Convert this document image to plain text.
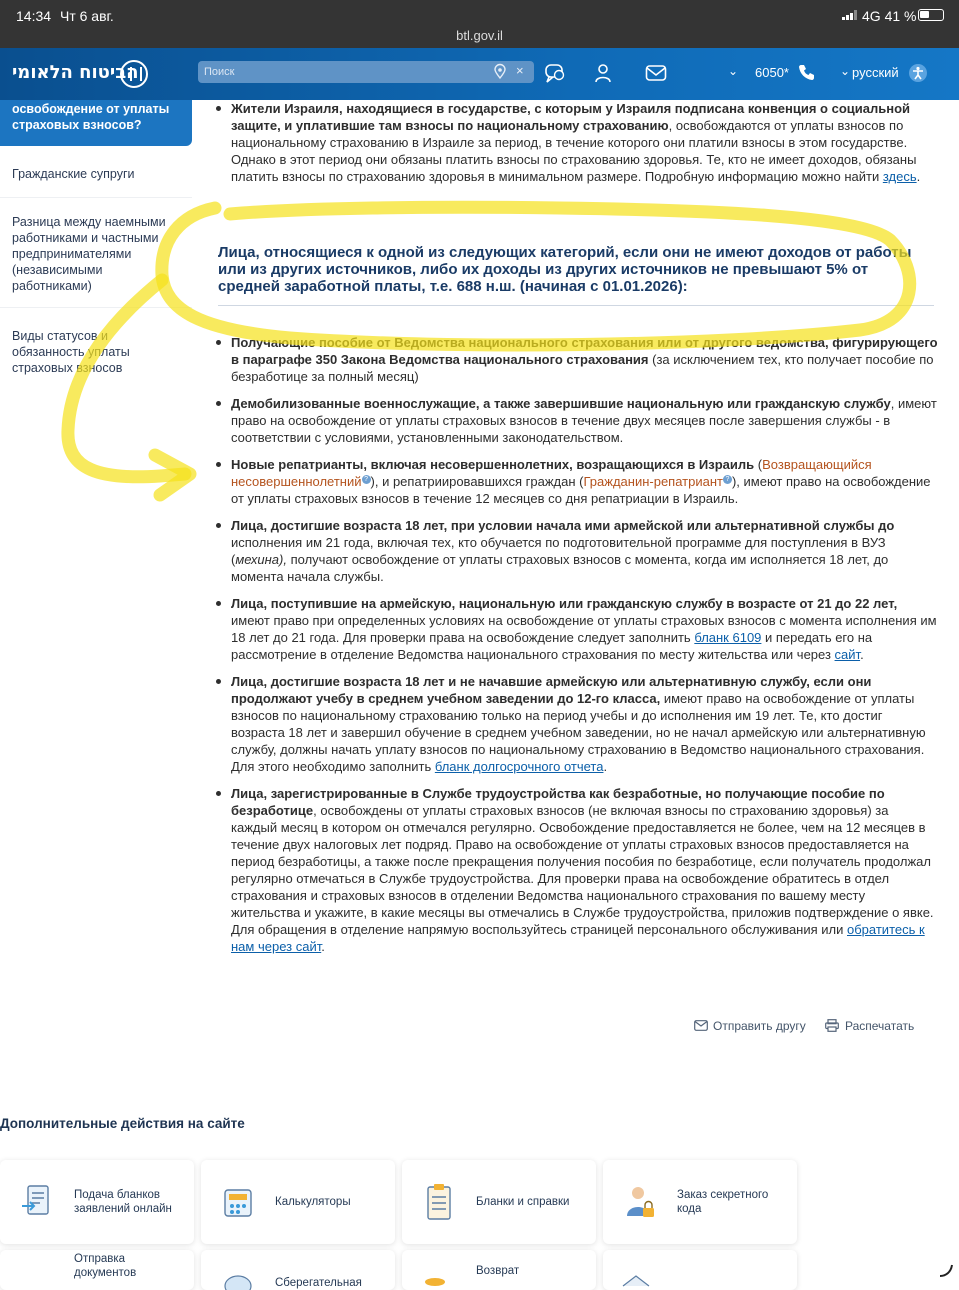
14:34 Чт 6 авг.	4G 41 %
btl.gov.il
הביטוח הלאומי
Поиск	×	⌄ 6050*	⌄ русский
освобождение от уплаты страховых взносов?
Гражданские супруги
Разница между наемными работниками и частными предпринимателями (независимыми работниками)
Виды статусов и обязанность уплаты страховых взносов
Жители Израиля, находящиеся в государстве, с которым у Израиля подписана конвенция о социальной защите, и уплатившие там взносы по национальному страхованию, освобождаются от уплаты взносов по национальному страхованию в Израиле за период, в течение которого они платили взносы в этом государстве. Однако в этот период они обязаны платить взносы по страхованию здоровья. Те, кто не имеет доходов, обязаны платить взносы по страхованию здоровья в минимальном размере. Подробную информацию можно найти здесь.
Лица, относящиеся к одной из следующих категорий, если они не имеют доходов от работы или из других источников, либо их доходы из других источников не превышают 5% от средней заработной платы, т.е. 688 н.ш. (начиная с 01.01.2026):
Получающие пособие от Ведомства национального страхования или от другого ведомства, фигурирующего в параграфе 350 Закона Ведомства национального страхования (за исключением тех, кто получает пособие по безработице за полный месяц)
Демобилизованные военнослужащие, а также завершившие национальную или гражданскую службу, имеют право на освобождение от уплаты страховых взносов в течение двух месяцев после завершения службы - в соответствии с условиями, установленными законодательством.
Новые репатрианты, включая несовершеннолетних, возращающихся в Израиль (Возвращающийся несовершеннолетний ? ), и репатриировавшихся граждан (Гражданин-репатриант ? ), имеют право на освобождение от уплаты страховых взносов в течение 12 месяцев со дня репатриации в Израиль.
Лица, достигшие возраста 18 лет, при условии начала ими армейской или альтернативной службы до исполнения им 21 года, включая тех, кто обучается по подготовительной программе для поступления в ВУЗ (мехина), получают освобождение от уплаты страховых взносов с момента, когда им исполняется 18 лет, до момента начала службы.
Лица, поступившие на армейскую, национальную или гражданскую службу в возрасте от 21 до 22 лет, имеют право при определенных условиях на освобождение от уплаты страховых взносов с момента исполнения им 18 лет до 21 года. Для проверки права на освобождение следует заполнить бланк 6109 и передать его на рассмотрение в отделение Ведомства национального страхования по месту жительства или через сайт.
Лица, достигшие возраста 18 лет и не начавшие армейскую или альтернативную службу, если они продолжают учебу в среднем учебном заведении до 12-го класса, имеют право на освобождение от уплаты взносов по национальному страхованию только на период учебы и до исполнения им 19 лет. Те, кто достиг возраста 18 лет и завершил обучение в среднем учебном заведении, но не начал армейскую или альтернативную службу, должны начать уплату взносов по национальному страхованию в Ведомство национального страхования. Для этого необходимо заполнить бланк долгосрочного отчета.
Лица, зарегистрированные в Службе трудоустройства как безработные, но получающие пособие по безработице, освобождены от уплаты страховых взносов (не включая взносы по страхованию здоровья) за каждый месяц в котором он отмечался регулярно. Освобождение предоставляется не более, чем на 12 месяцев в течение двух налоговых лет подряд. Право на освобождение от уплаты страховых взносов предоставляется на период безработицы, а также после прекращения получения пособия по безработице, если получатель продолжал регулярно отмечаться в Службе трудоустройства. Для проверки права на освобождение обратитесь в отдел страхования и страховых взносов в отделении Ведомства национального страхования по вашему месту жительства и укажите, в какие месяцы вы отмечались в Службе трудоустройства, приложив подтверждение о явке. Для обращения в отделение напрямую воспользуйтесь страницей персонального обслуживания или обратитесь к нам через сайт.
Отправить другу	Распечатать
Дополнительные действия на сайте
Подача бланков заявлений онлайн
Калькуляторы	Бланки и справки
Заказ секретного кода
Отправка документов
Сберегательная
Возврат
